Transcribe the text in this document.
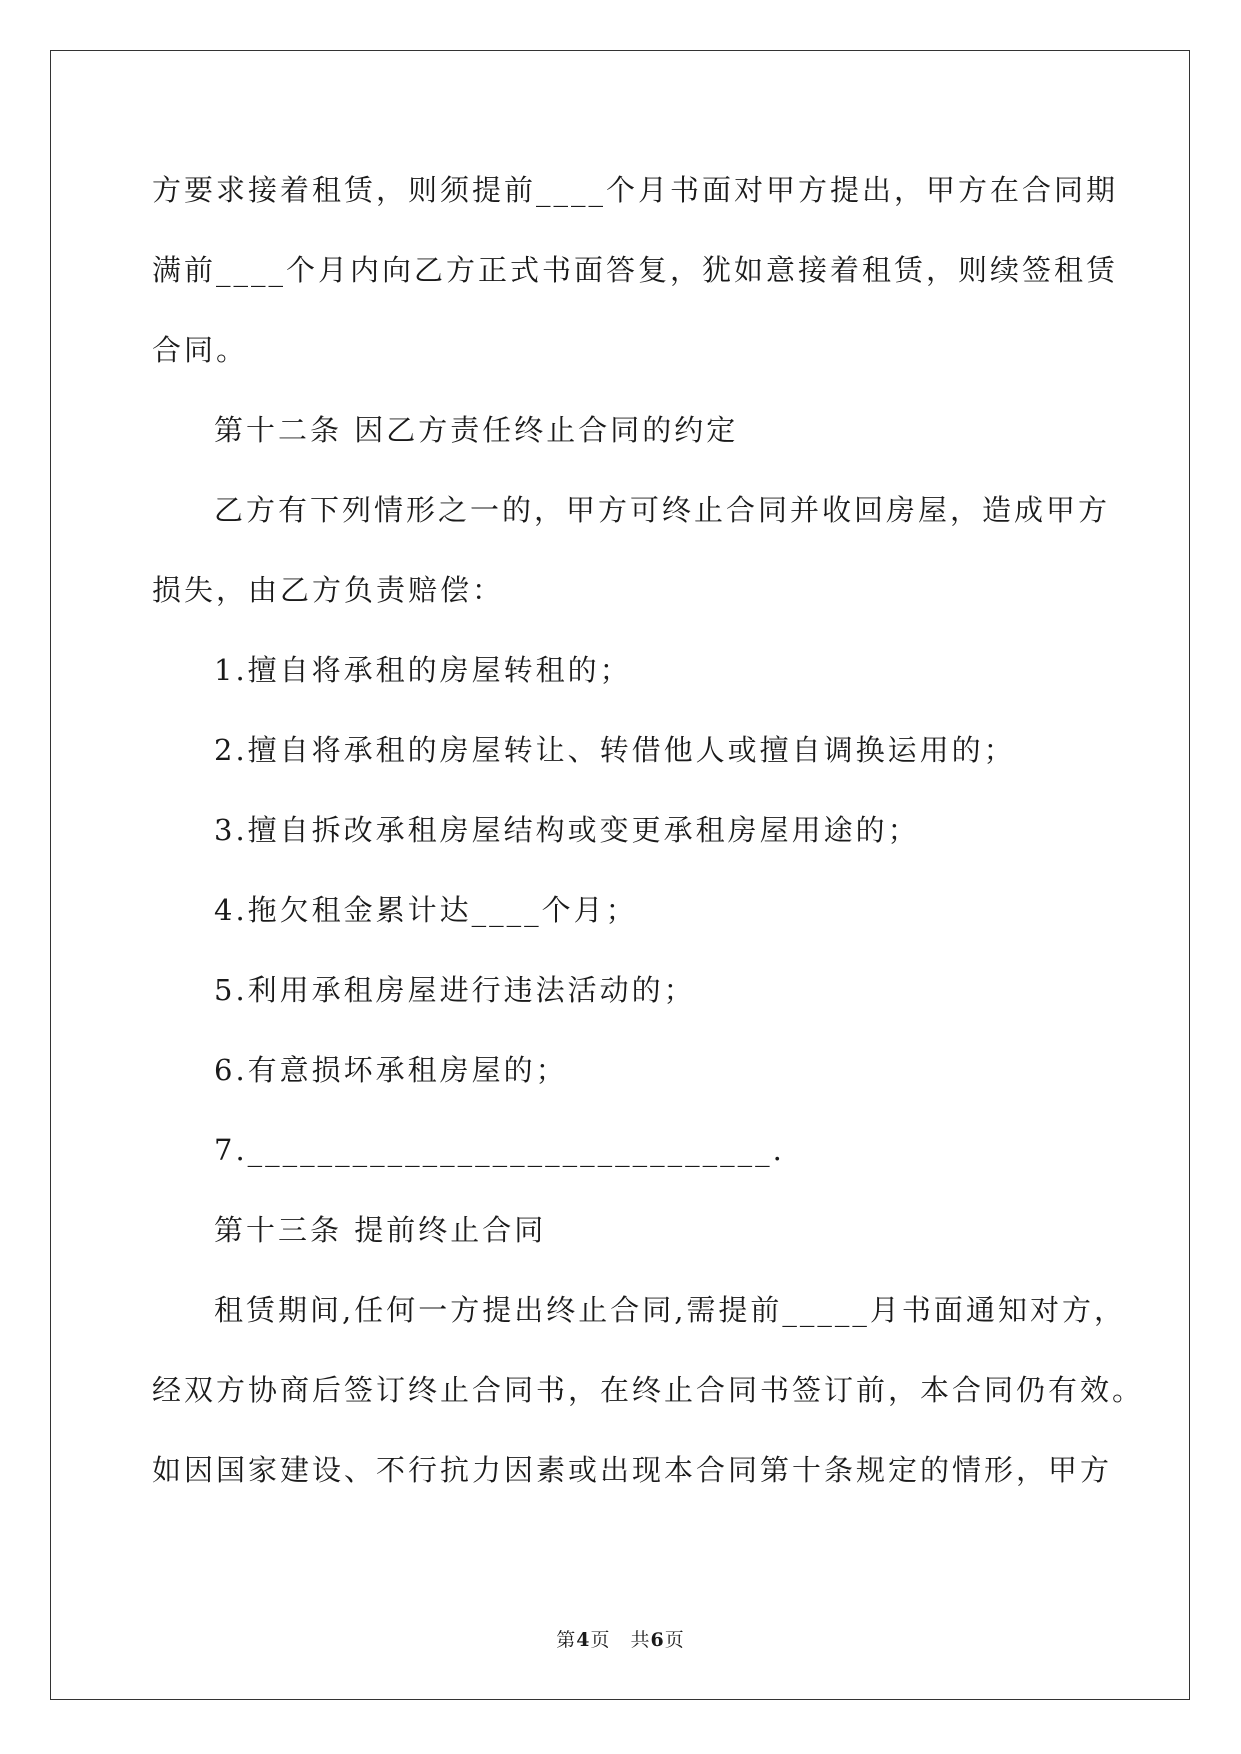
方要求接着租赁，则须提前____个月书面对甲方提出，甲方在合同期
满前____个月内向乙方正式书面答复，犹如意接着租赁，则续签租赁
合同。
第十二条 因乙方责任终止合同的约定
乙方有下列情形之一的，甲方可终止合同并收回房屋，造成甲方
损失，由乙方负责赔偿：
1.擅自将承租的房屋转租的；
2.擅自将承租的房屋转让、转借他人或擅自调换运用的；
3.擅自拆改承租房屋结构或变更承租房屋用途的；
4.拖欠租金累计达____个月；
5.利用承租房屋进行违法活动的；
6.有意损坏承租房屋的；
7.______________________________.
第十三条 提前终止合同
租赁期间,任何一方提出终止合同,需提前_____月书面通知对方，
经双方协商后签订终止合同书，在终止合同书签订前，本合同仍有效。
如因国家建设、不行抗力因素或出现本合同第十条规定的情形，甲方
第4页 共6页
